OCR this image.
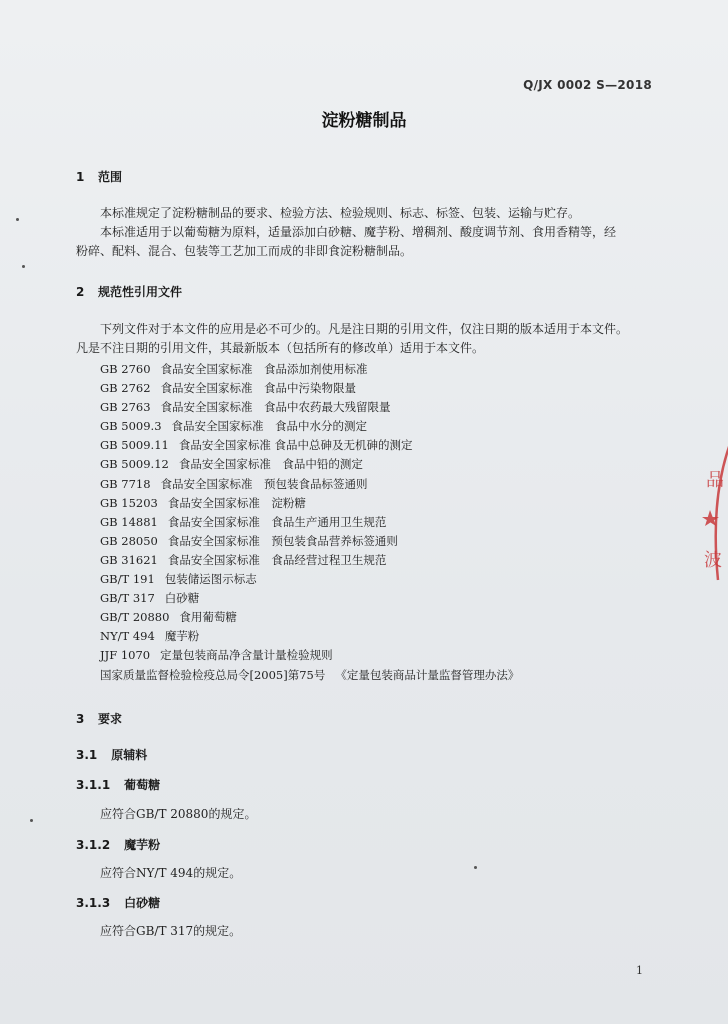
Q/JX 0002 S—2018
淀粉糖制品
1 范围
本标准规定了淀粉糖制品的要求、检验方法、检验规则、标志、标签、包装、运输与贮存。
本标准适用于以葡萄糖为原料，适量添加白砂糖、魔芋粉、增稠剂、酸度调节剂、食用香精等，经
粉碎、配料、混合、包装等工艺加工而成的非即食淀粉糖制品。
2 规范性引用文件
下列文件对于本文件的应用是必不可少的。凡是注日期的引用文件，仅注日期的版本适用于本文件。
凡是不注日期的引用文件，其最新版本（包括所有的修改单）适用于本文件。
GB 2760 食品安全国家标准　食品添加剂使用标准
GB 2762 食品安全国家标准　食品中污染物限量
GB 2763 食品安全国家标准　食品中农药最大残留限量
GB 5009.3 食品安全国家标准　食品中水分的测定
GB 5009.11 食品安全国家标准 食品中总砷及无机砷的测定
GB 5009.12 食品安全国家标准　食品中铅的测定
GB 7718 食品安全国家标准　预包装食品标签通则
GB 15203 食品安全国家标准　淀粉糖
GB 14881 食品安全国家标准　食品生产通用卫生规范
GB 28050 食品安全国家标准　预包装食品营养标签通则
GB 31621 食品安全国家标准　食品经营过程卫生规范
GB/T 191 包装储运图示标志
GB/T 317 白砂糖
GB/T 20880 食用葡萄糖
NY/T 494 魔芋粉
JJF 1070 定量包装商品净含量计量检验规则
国家质量监督检验检疫总局令[2005]第75号 《定量包装商品计量监督管理办法》
3 要求
3.1 原辅料
3.1.1 葡萄糖
应符合GB/T 20880的规定。
3.1.2 魔芋粉
应符合NY/T 494的规定。
3.1.3 白砂糖
应符合GB/T 317的规定。
1
品
波
